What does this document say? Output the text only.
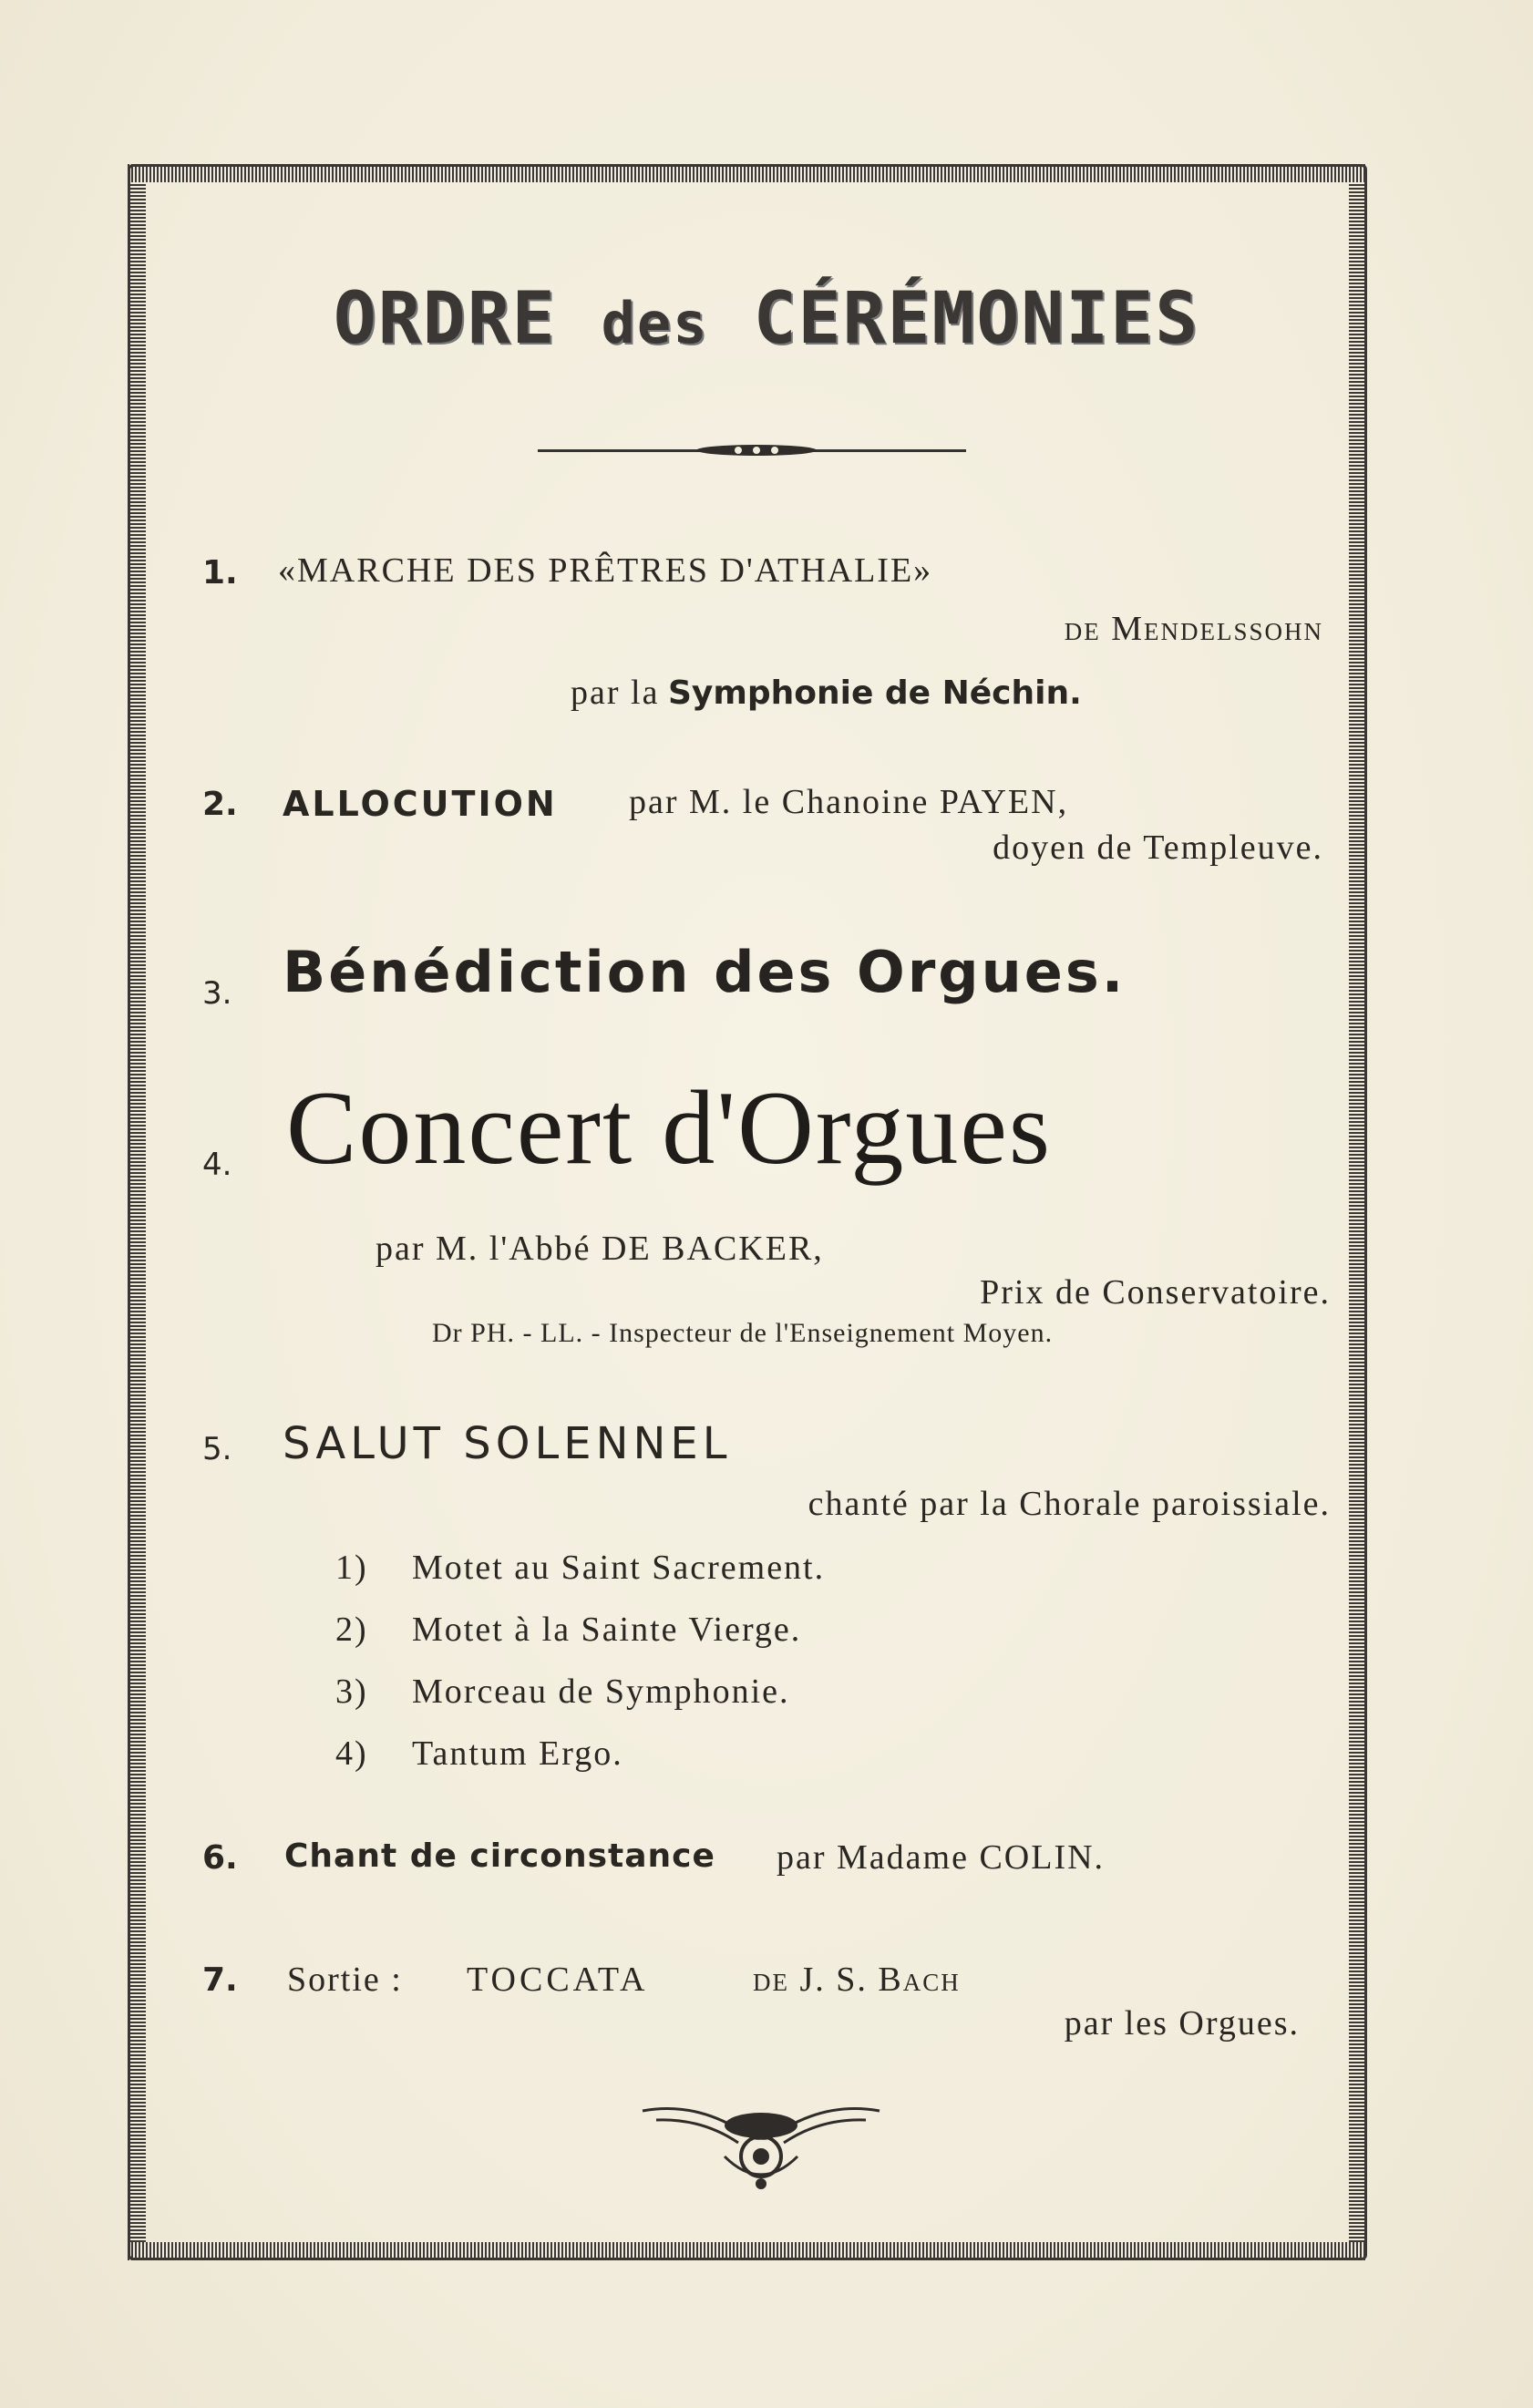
ORDRE des CÉRÉMONIES
1. «MARCHE DES PRÊTRES D'ATHALIE»
de Mendelssohn
par la Symphonie de Néchin.
2. ALLOCUTION par M. le Chanoine PAYEN,
doyen de Templeuve.
3. Bénédiction des Orgues.
4. Concert d'Orgues
par M. l'Abbé DE BACKER,
Prix de Conservatoire.
Dr PH. - LL. - Inspecteur de l'Enseignement Moyen.
5. SALUT SOLENNEL
chanté par la Chorale paroissiale.
1) Motet au Saint Sacrement.
2) Motet à la Sainte Vierge.
3) Morceau de Symphonie.
4) Tantum Ergo.
6. Chant de circonstance par Madame COLIN.
7. Sortie : TOCCATA	de J. S. Bach
par les Orgues.
